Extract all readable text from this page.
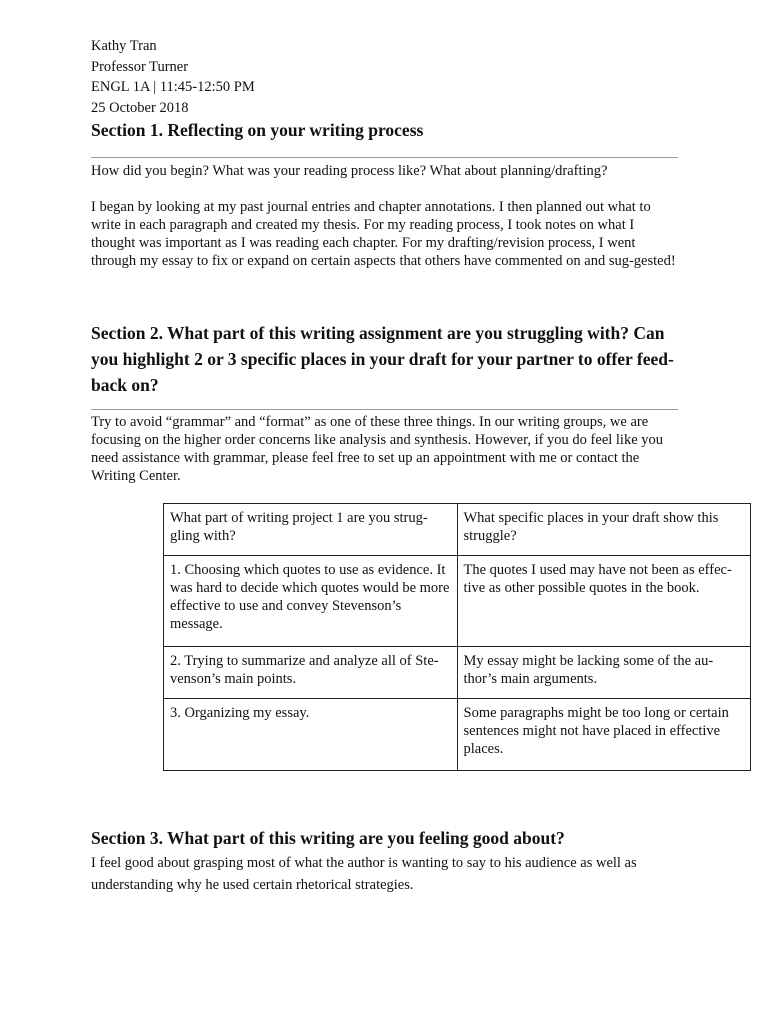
Kathy Tran
Professor Turner
ENGL 1A | 11:45-12:50 PM
25 October 2018
Section 1. Reflecting on your writing process
How did you begin? What was your reading process like? What about planning/drafting?
I began by looking at my past journal entries and chapter annotations. I then planned out what to write in each paragraph and created my thesis. For my reading process, I took notes on what I thought was important as I was reading each chapter. For my drafting/revision process, I went through my essay to fix or expand on certain aspects that others have commented on and sug-gested!
Section 2. What part of this writing assignment are you struggling with? Can you highlight 2 or 3 specific places in your draft for your partner to offer feed-back on?
Try to avoid “grammar” and “format” as one of these three things. In our writing groups, we are focusing on the higher order concerns like analysis and synthesis. However, if you do feel like you need assistance with grammar, please feel free to set up an appointment with me or contact the Writing Center.
What part of writing project 1 are you strug-gling with?	What specific places in your draft show this struggle?
1. Choosing which quotes to use as evidence. It was hard to decide which quotes would be more effective to use and convey Stevenson’s message.	The quotes I used may have not been as effec-tive as other possible quotes in the book.
2. Trying to summarize and analyze all of Ste-venson’s main points.	My essay might be lacking some of the au-thor’s main arguments.
3. Organizing my essay.	Some paragraphs might be too long or certain sentences might not have placed in effective places.
Section 3. What part of this writing are you feeling good about?
I feel good about grasping most of what the author is wanting to say to his audience as well as understanding why he used certain rhetorical strategies.
